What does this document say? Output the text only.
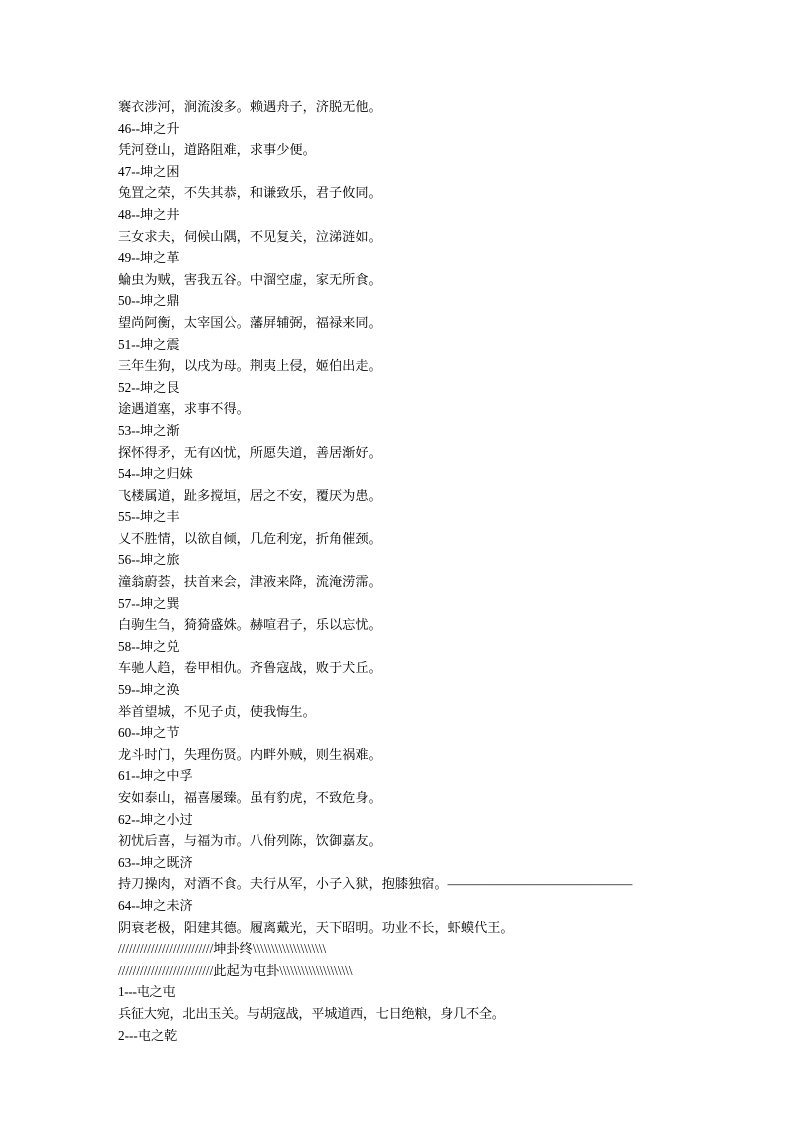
褰衣涉河，涧流浚多。赖遇舟子，济脱无他。

46--坤之升

凭河登山，道路阻难，求事少便。

47--坤之困

兔罝之荣，不失其恭，和谦致乐，君子攸同。

48--坤之井

三女求夫，伺候山隅，不见复关，泣涕涟如。

49--坤之革

蜦虫为贼，害我五谷。中溜空虚，家无所食。

50--坤之鼎

望尚阿衡，太宰国公。藩屏辅弼，福禄来同。

51--坤之震

三年生狗，以戌为母。荆夷上侵，姬伯出走。

52--坤之艮

途遇道塞，求事不得。

53--坤之渐

探怀得矛，无有凶忧，所愿失道，善居渐好。

54--坤之归妹

飞楼属道，趾多搅垣，居之不安，覆厌为患。

55--坤之丰

乂不胜情，以欲自倾，几危利宠，折角催颈。

56--坤之旅

潼翁蔚荟，扶首来会，津液来降，流淹涝霈。

57--坤之巽

白驹生刍，猗猗盛姝。赫喧君子，乐以忘忧。

58--坤之兑

车驰人趋，卷甲相仇。齐鲁寇战，败于犬丘。

59--坤之涣

举首望城，不见子贞，使我悔生。

60--坤之节

龙斗时门，失理伤贤。内畔外贼，则生祸难。

61--坤之中孚

安如泰山，福喜屡臻。虽有豹虎，不致危身。

62--坤之小过

初忧后喜，与福为市。八佾列陈，饮御嘉友。

63--坤之既济

持刀操肉，对酒不食。夫行从军，小子入狱，抱膝独宿。——————————————

64--坤之未济

阴衰老极，阳建其德。履离戴光，天下昭明。功业不长，虾蟆代王。

//////////////////////////坤卦终\\\\\\\\\\\\\\\\\\\\

//////////////////////////此起为屯卦\\\\\\\\\\\\\\\\\\\\

1---屯之屯

兵征大宛，北出玉关。与胡寇战，平城道西，七日绝粮，身几不全。

2---屯之乾
